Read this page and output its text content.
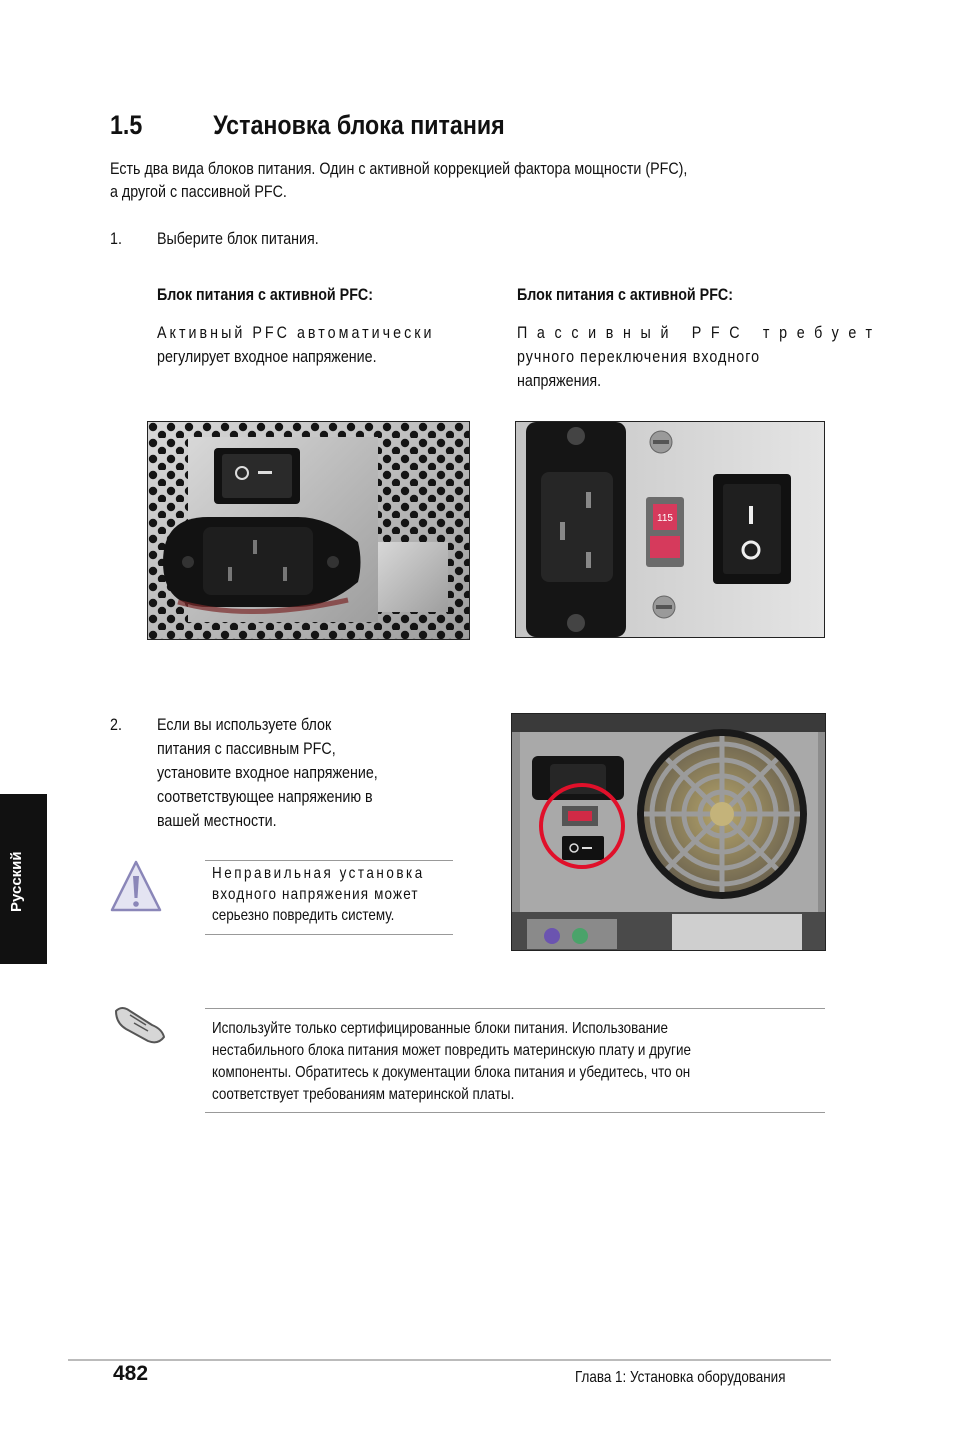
1.5	Установка блока питания
Есть два вида блоков питания. Один с активной коррекцией фактора мощности (PFC),
а другой с пассивной PFC.
1. Выберите блок питания.
Блок питания с активной PFC:
Активный PFC автоматически
регулирует входное напряжение.
Блок питания с активной PFC:
Пассивный PFC требует
ручного переключения входного
напряжения.
115
2. Если вы используете блок
питания с пассивным PFC,
установите входное напряжение,
соответствующее напряжению в
вашей местности.
Неправильная установка
входного напряжения может
серьезно повредить систему.
Используйте только сертифицированные блоки питания. Использование
нестабильного блока питания может повредить материнскую плату и другие
компоненты. Обратитесь к документации блока питания и убедитесь, что он
соответствует требованиям материнской платы.
Русский
482	Глава 1: Установка оборудования
